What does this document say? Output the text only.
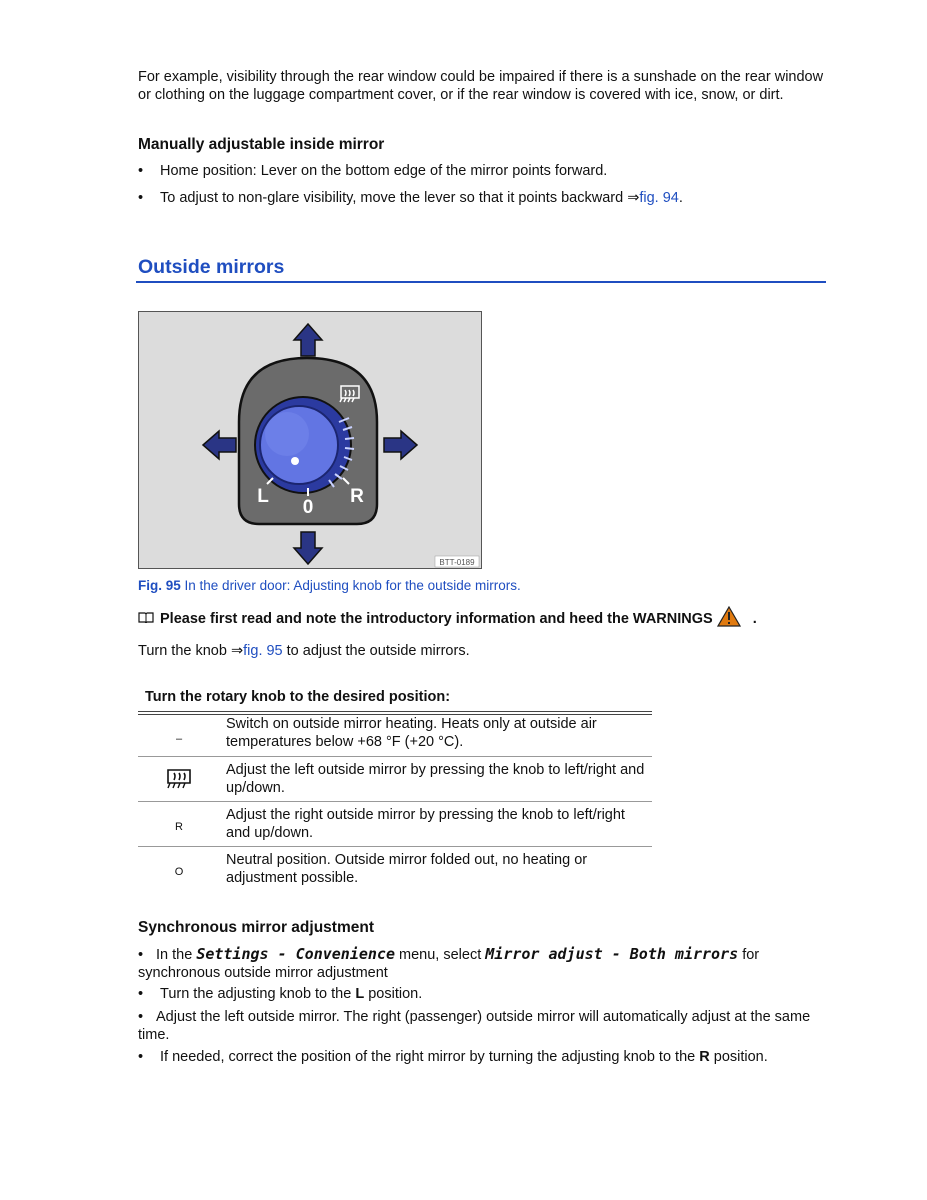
For example, visibility through the rear window could be impaired if there is a sunshade on the rear window or clothing on the luggage compartment cover, or if the rear window is covered with ice, snow, or dirt.

Manually adjustable inside mirror
• Home position: Lever on the bottom edge of the mirror points forward.
• To adjust to non-glare visibility, move the lever so that it points backward ⇒fig. 94.
Outside mirrors
L
0
R
BTT-0189
Fig. 95 In the driver door: Adjusting knob for the outside mirrors.
Please first read and note the introductory information and heed the WARNINGS	.

Turn the knob ⇒fig. 95 to adjust the outside mirrors.

Turn the rotary knob to the desired position:
–
Switch on outside mirror heating. Heats only at outside air temperatures below +68 °F (+20 °C).
Adjust the left outside mirror by pressing the knob to left/right and up/down.
R
Adjust the right outside mirror by pressing the knob to left/right and up/down.
O
Neutral position. Outside mirror folded out, no heating or adjustment possible.
Synchronous mirror adjustment
• In the Settings - Convenience menu, select Mirror adjust - Both mirrors for
synchronous outside mirror adjustment
• Turn the adjusting knob to the L position.
• Adjust the left outside mirror. The right (passenger) outside mirror will automatically adjust at the same time.
• If needed, correct the position of the right mirror by turning the adjusting knob to the R position.
